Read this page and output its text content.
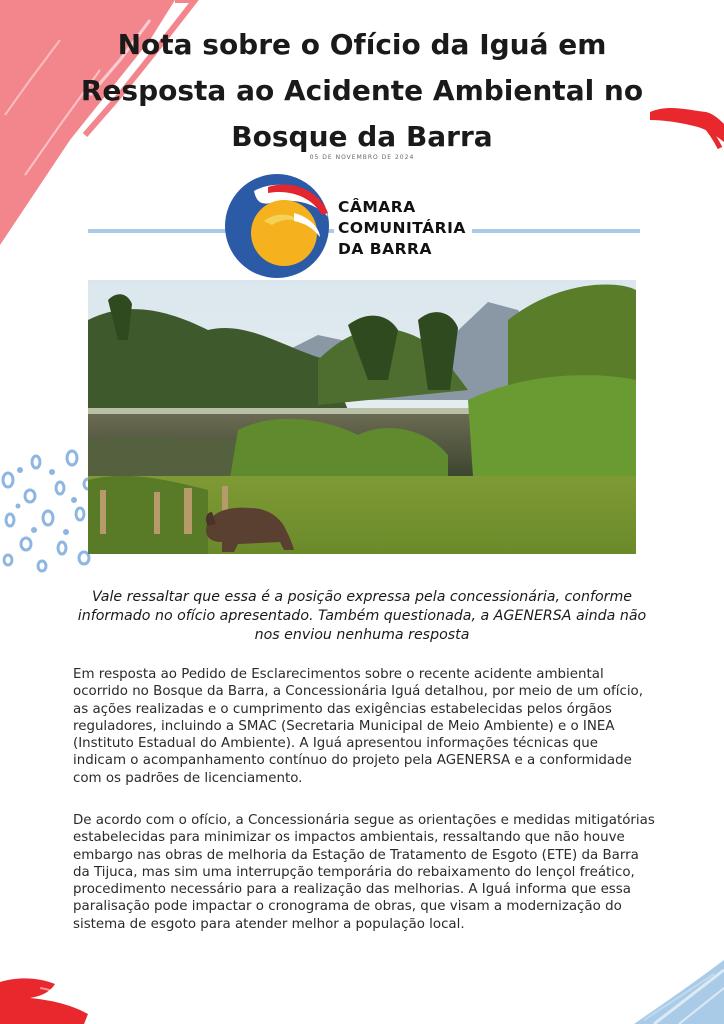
Nota sobre o Ofício da Iguá em Resposta ao Acidente Ambiental no Bosque da Barra
05 DE NOVEMBRO DE 2024
CÂMARA
COMUNITÁRIA
DA BARRA
Vale ressaltar que essa é a posição expressa pela concessionária, conforme informado no ofício apresentado. Também questionada, a AGENERSA ainda não nos enviou nenhuma resposta

Em resposta ao Pedido de Esclarecimentos sobre o recente acidente ambiental ocorrido no Bosque da Barra, a Concessionária Iguá detalhou, por meio de um ofício, as ações realizadas e o cumprimento das exigências estabelecidas pelos órgãos reguladores, incluindo a SMAC (Secretaria Municipal de Meio Ambiente) e o INEA (Instituto Estadual do Ambiente). A Iguá apresentou informações técnicas que indicam o acompanhamento contínuo do projeto pela AGENERSA e a conformidade com os padrões de licenciamento.

De acordo com o ofício, a Concessionária segue as orientações e medidas mitigatórias estabelecidas para minimizar os impactos ambientais, ressaltando que não houve embargo nas obras de melhoria da Estação de Tratamento de Esgoto (ETE) da Barra da Tijuca, mas sim uma interrupção temporária do rebaixamento do lençol freático, procedimento necessário para a realização das melhorias. A Iguá informa que essa paralisação pode impactar o cronograma de obras, que visam a modernização do sistema de esgoto para atender melhor a população local.
